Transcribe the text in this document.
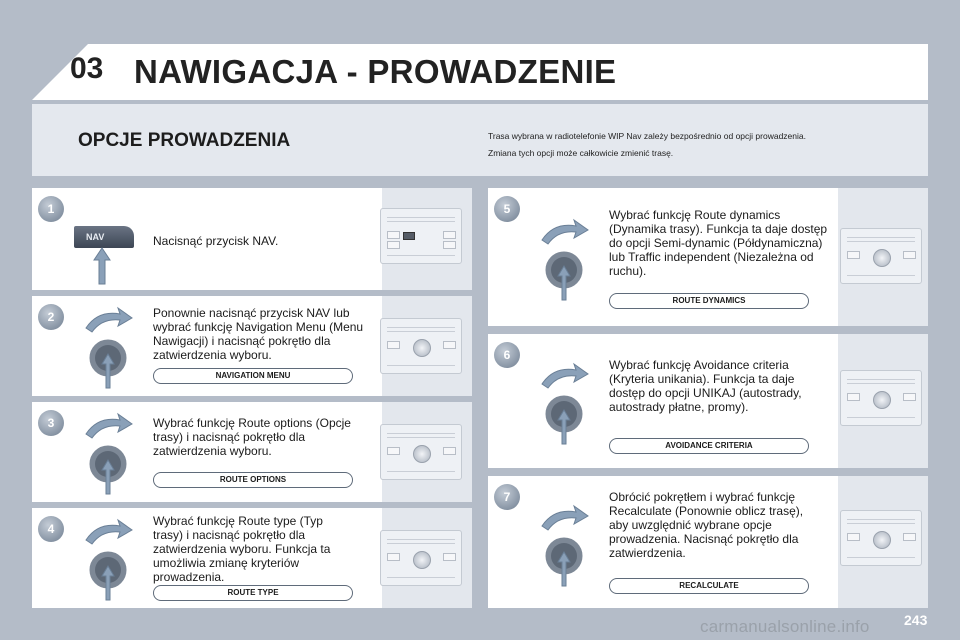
03 NAWIGACJA - PROWADZENIE
OPCJE PROWADZENIA	Trasa wybrana w radiotelefonie WIP Nav zależy bezpośrednio od opcji prowadzenia.
Zmiana tych opcji może całkowicie zmienić trasę.
1
Nacisnąć przycisk NAV.
NAV
2	Ponownie nacisnąć przycisk NAV lub wybrać funkcję Navigation Menu (Menu Nawigacji) i nacisnąć pokrętło dla zatwierdzenia wyboru.
NAVIGATION MENU
3	Wybrać funkcję Route options (Opcje trasy) i nacisnąć pokrętło dla zatwierdzenia wyboru.
ROUTE OPTIONS
4
Wybrać funkcję Route type (Typ trasy) i nacisnąć pokrętło dla zatwierdzenia wyboru. Funkcja ta umożliwia zmianę kryteriów prowadzenia.
ROUTE TYPE
5	Wybrać funkcję Route dynamics (Dynamika trasy). Funkcja ta daje dostęp do opcji Semi-dynamic (Półdynamiczna) lub Traffic independent (Niezależna od ruchu).
ROUTE DYNAMICS
6
Wybrać funkcję Avoidance criteria (Kryteria unikania). Funkcja ta daje dostęp do opcji UNIKAJ (autostrady, autostrady płatne, promy).
AVOIDANCE CRITERIA
7	Obrócić pokrętłem i wybrać funkcję Recalculate (Ponownie oblicz trasę), aby uwzględnić wybrane opcje prowadzenia. Nacisnąć pokrętło dla zatwierdzenia.
RECALCULATE
carmanualsonline.info 243
